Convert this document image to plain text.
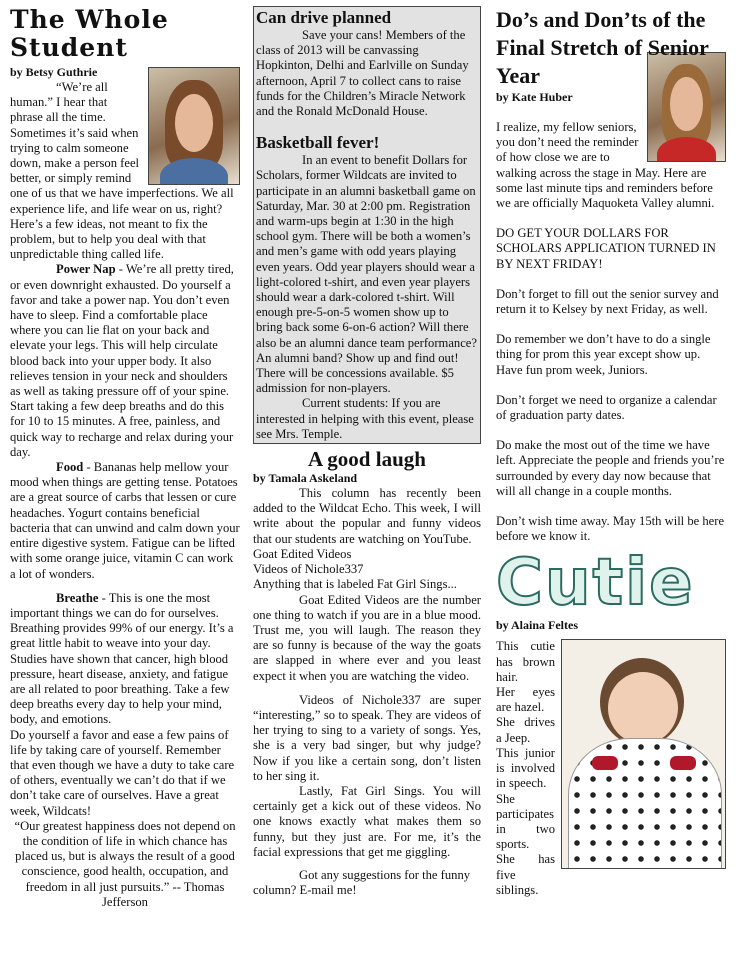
The Whole Student
by Betsy Guthrie

“We’re all human.” I hear that phrase all the time. Sometimes it’s said when trying to calm someone down, make a person feel better, or simply remind one of us that we have imperfections. We all experience life, and life wear on us, right? Here’s a few ideas, not meant to fix the problem, but to help you deal with that unpredictable thing called life.

Power Nap - We’re all pretty tired, or even downright exhausted. Do yourself a favor and take a power nap. You don’t even have to sleep. Find a comfortable place where you can lie flat on your back and elevate your legs. This will help circulate blood back into your upper body. It also relieves tension in your neck and shoulders as well as taking pressure off of your spine. Start taking a few deep breaths and do this for 10 to 15 minutes. A free, painless, and quick way to recharge and relax during your day.

Food - Bananas help mellow your mood when things are getting tense. Potatoes are a great source of carbs that lessen or cure headaches. Yogurt contains beneficial bacteria that can unwind and calm down your entire digestive system. Fatigue can be lifted with some orange juice, vitamin C can work a lot of wonders.

Breathe - This is one the most important things we can do for ourselves. Breathing provides 99% of our energy. It’s a great little habit to weave into your day. Studies have shown that cancer, high blood pressure, heart disease, anxiety, and fatigue are all related to poor breathing. Take a few deep breaths every day to help your mind, body, and emotions.

Do yourself a favor and ease a few pains of life by taking care of yourself. Remember that even though we have a duty to take care of others, eventually we can’t do that if we don’t take care of ourselves. Have a great week, Wildcats!

“Our greatest happiness does not depend on the condition of life in which chance has placed us, but is always the result of a good conscience, good health, occupation, and freedom in all just pursuits.” -- Thomas Jefferson

Can drive planned

Save your cans! Members of the class of 2013 will be canvassing Hopkinton, Delhi and Earlville on Sunday afternoon, April 7 to collect cans to raise funds for the Children’s Miracle Network and the Ronald McDonald House.

Basketball fever!

In an event to benefit Dollars for Scholars, former Wildcats are invited to participate in an alumni basketball game on Saturday, Mar. 30 at 2:00 pm. Registration and warm-ups begin at 1:30 in the high school gym. There will be both a women’s and men’s game with odd years playing even years. Odd year players should wear a light-colored t-shirt, and even year players should wear a dark-colored t-shirt. Will enough pre-5-on-5 women show up to bring back some 6-on-6 action? Will there also be an alumni dance team performance? An alumni band? Show up and find out! There will be concessions available. $5 admission for non-players.

Current students: If you are interested in helping with this event, please see Mrs. Temple.

A good laugh
by Tamala Askeland

This column has recently been added to the Wildcat Echo. This week, I will write about the popular and funny videos that our students are watching on YouTube.

Goat Edited Videos

Videos of Nichole337

Anything that is labeled Fat Girl Sings...

Goat Edited Videos are the number one thing to watch if you are in a blue mood. Trust me, you will laugh. The reason they are so funny is because of the way the goats are slapped in where ever and you least expect it when you are watching the video.

Videos of Nichole337 are super “interesting,” so to speak. They are videos of her trying to sing to a variety of songs. Yes, she is a very bad singer, but why judge? Now if you like a certain song, don’t listen to her sing it.

Lastly, Fat Girl Sings. You will certainly get a kick out of these videos. No one knows exactly what makes them so funny, but they just are. For me, it’s the facial expressions that get me giggling.

Got any suggestions for the funny column? E-mail me!

Do’s and Don’ts of the Final Stretch of Senior Year
by Kate Huber

I realize, my fellow seniors, you don’t need the reminder of how close we are to walking across the stage in May. Here are some last minute tips and reminders before we are officially Maquoketa Valley alumni.

DO GET YOUR DOLLARS FOR SCHOLARS APPLICATION TURNED IN BY NEXT FRIDAY!

Don’t forget to fill out the senior survey and return it to Kelsey by next Friday, as well.

Do remember we don’t have to do a single thing for prom this year except show up. Have fun prom week, Juniors.

Don’t forget we need to organize a calendar of graduation party dates.

Do make the most out of the time we have left. Appreciate the people and friends you’re surrounded by every day now because that will all change in a couple months.

Don’t wish time away. May 15th will be here before we know it.

Cutie
by Alaina Feltes

This cutie has brown hair.

Her eyes are hazel.

She drives a Jeep.

This junior is involved in speech.

She participates in two sports.

She has five siblings.
